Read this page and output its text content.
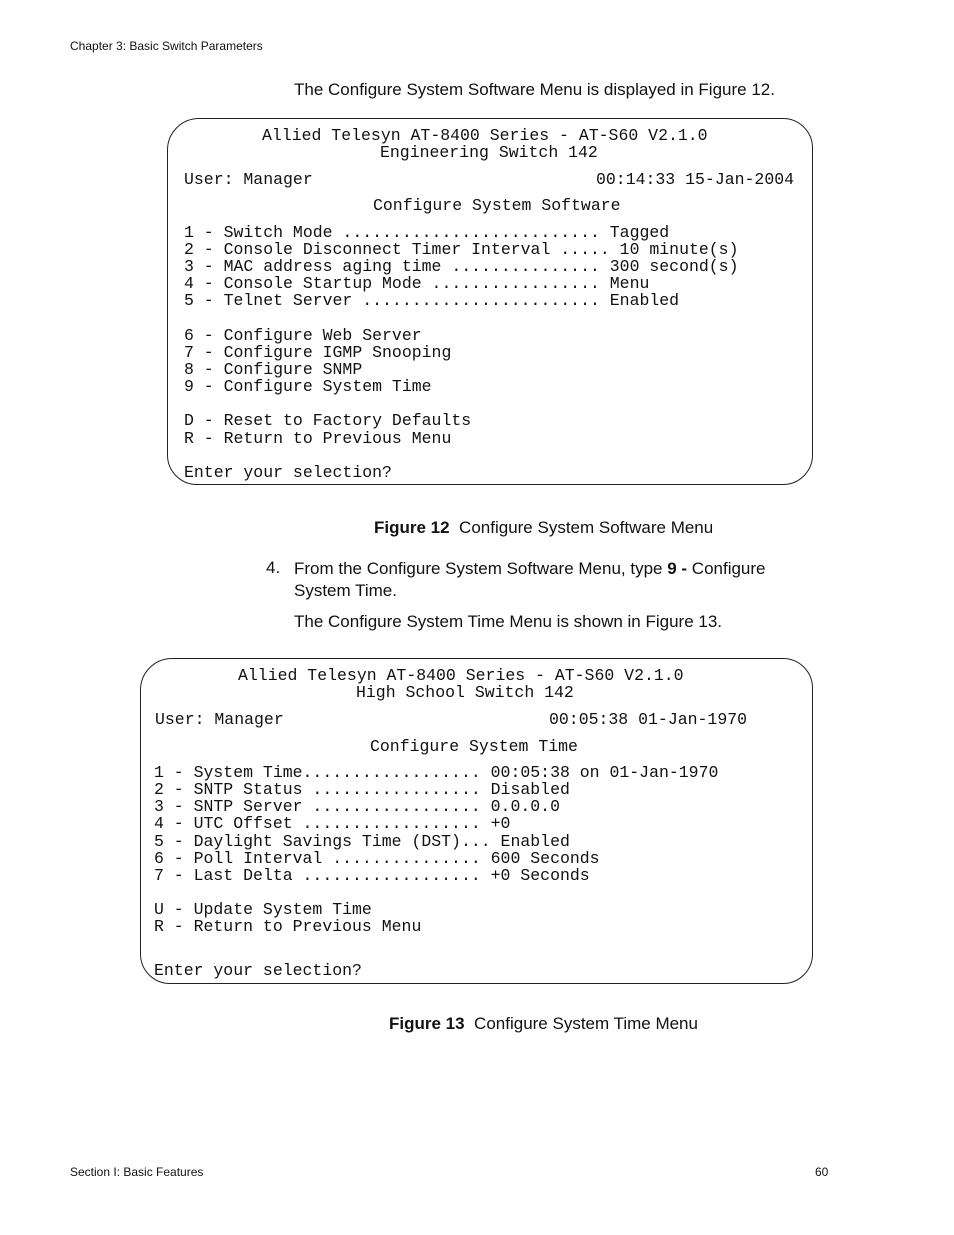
Chapter 3: Basic Switch Parameters
The Configure System Software Menu is displayed in Figure 12.
Allied Telesyn AT-8400 Series - AT-S60 V2.1.0
Engineering Switch 142
User: Manager	00:14:33 15-Jan-2004
Configure System Software
1 - Switch Mode .......................... Tagged
2 - Console Disconnect Timer Interval ..... 10 minute(s)
3 - MAC address aging time ............... 300 second(s)
4 - Console Startup Mode ................. Menu
5 - Telnet Server ........................ Enabled
6 - Configure Web Server
7 - Configure IGMP Snooping
8 - Configure SNMP
9 - Configure System Time
D - Reset to Factory Defaults
R - Return to Previous Menu
Enter your selection?
Figure 12 Configure System Software Menu
4. From the Configure System Software Menu, type 9 - Configure System Time.
The Configure System Time Menu is shown in Figure 13.
Allied Telesyn AT-8400 Series - AT-S60 V2.1.0
High School Switch 142
User: Manager	00:05:38 01-Jan-1970
Configure System Time
1 - System Time.................. 00:05:38 on 01-Jan-1970
2 - SNTP Status ................. Disabled
3 - SNTP Server ................. 0.0.0.0
4 - UTC Offset .................. +0
5 - Daylight Savings Time (DST)... Enabled
6 - Poll Interval ............... 600 Seconds
7 - Last Delta .................. +0 Seconds
U - Update System Time
R - Return to Previous Menu
Enter your selection?
Figure 13 Configure System Time Menu
Section I: Basic Features	60
